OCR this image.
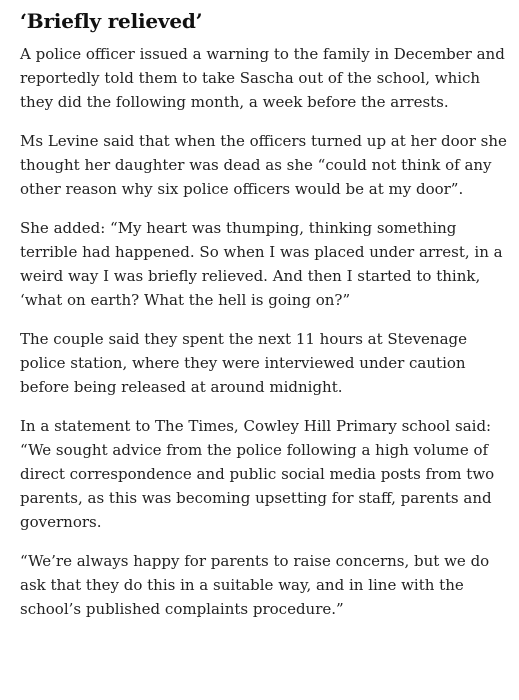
‘Briefly relieved’

A police officer issued a warning to the family in December and reportedly told them to take Sascha out of the school, which they did the following month, a week before the arrests.

Ms Levine said that when the officers turned up at her door she thought her daughter was dead as she “could not think of any other reason why six police officers would be at my door”.

She added: “My heart was thumping, thinking something terrible had happened. So when I was placed under arrest, in a weird way I was briefly relieved. And then I started to think, ‘what on earth? What the hell is going on?”

The couple said they spent the next 11 hours at Stevenage police station, where they were interviewed under caution before being released at around midnight.

In a statement to The Times, Cowley Hill Primary school said: “We sought advice from the police following a high volume of direct correspondence and public social media posts from two parents, as this was becoming upsetting for staff, parents and governors.

“We’re always happy for parents to raise concerns, but we do ask that they do this in a suitable way, and in line with the school’s published complaints procedure.”
